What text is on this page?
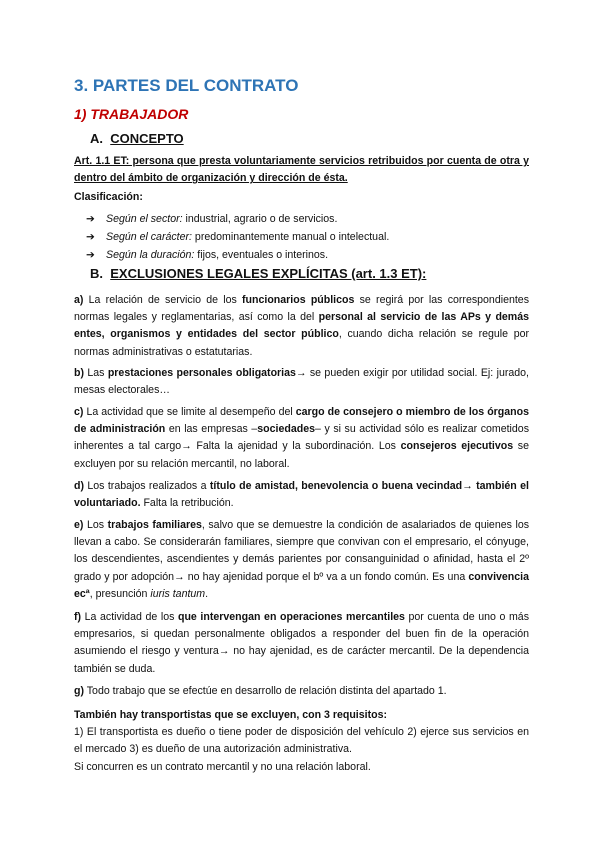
3. PARTES DEL CONTRATO
1) TRABAJADOR
A. CONCEPTO
Art. 1.1 ET: persona que presta voluntariamente servicios retribuidos por cuenta de otra y dentro del ámbito de organización y dirección de ésta.
Clasificación:
➔ Según el sector: industrial, agrario o de servicios.
➔ Según el carácter: predominantemente manual o intelectual.
➔ Según la duración: fijos, eventuales o interinos.
B. EXCLUSIONES LEGALES EXPLÍCITAS (art. 1.3 ET):
a) La relación de servicio de los funcionarios públicos se regirá por las correspondientes normas legales y reglamentarias, así como la del personal al servicio de las APs y demás entes, organismos y entidades del sector público, cuando dicha relación se regule por normas administrativas o estatutarias.
b) Las prestaciones personales obligatorias→ se pueden exigir por utilidad social. Ej: jurado, mesas electorales…
c) La actividad que se limite al desempeño del cargo de consejero o miembro de los órganos de administración en las empresas –sociedades– y si su actividad sólo es realizar cometidos inherentes a tal cargo→ Falta la ajenidad y la subordinación. Los consejeros ejecutivos se excluyen por su relación mercantil, no laboral.
d) Los trabajos realizados a título de amistad, benevolencia o buena vecindad→ también el voluntariado. Falta la retribución.
e) Los trabajos familiares, salvo que se demuestre la condición de asalariados de quienes los llevan a cabo. Se considerarán familiares, siempre que convivan con el empresario, el cónyuge, los descendientes, ascendientes y demás parientes por consanguinidad o afinidad, hasta el 2º grado y por adopción→ no hay ajenidad porque el bº va a un fondo común. Es una convivencia ecª, presunción iuris tantum.
f) La actividad de los que intervengan en operaciones mercantiles por cuenta de uno o más empresarios, si quedan personalmente obligados a responder del buen fin de la operación asumiendo el riesgo y ventura→ no hay ajenidad, es de carácter mercantil. De la dependencia también se duda.
g) Todo trabajo que se efectúe en desarrollo de relación distinta del apartado 1.
También hay transportistas que se excluyen, con 3 requisitos:
1) El transportista es dueño o tiene poder de disposición del vehículo 2) ejerce sus servicios en el mercado 3) es dueño de una autorización administrativa.
Si concurren es un contrato mercantil y no una relación laboral.
